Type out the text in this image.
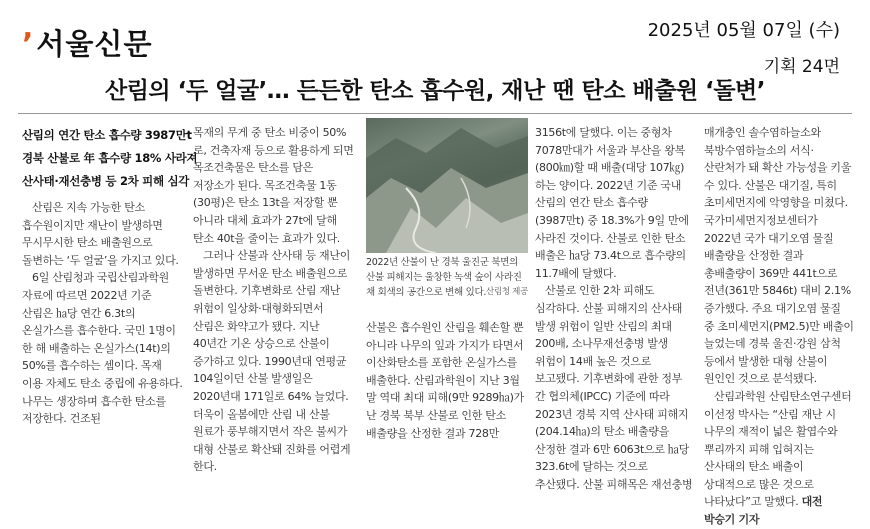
’서울신문	2025년 05월 07일 (수)
기획 24면
산림의 ‘두 얼굴’… 든든한 탄소 흡수원, 재난 땐 탄소 배출원 ‘돌변’
산림의 연간 탄소 흡수량 3987만t
경북 산불로 年 흡수량 18% 사라져
산사태·재선충병 등 2차 피해 심각

산림은 지속 가능한 탄소 흡수원이지만 재난이 발생하면 무시무시한 탄소 배출원으로 돌변하는 ‘두 얼굴’을 가지고 있다.

6일 산림청과 국립산림과학원 자료에 따르면 2022년 기준 산림은 ㏊당 연간 6.3t의 온실가스를 흡수한다. 국민 1명이 한 해 배출하는 온실가스(14t)의 50%를 흡수하는 셈이다. 목재 이용 자체도 탄소 중립에 유용하다. 나무는 생장하며 흡수한 탄소를 저장한다. 건조된

목재의 무게 중 탄소 비중이 50%로, 건축자재 등으로 활용하게 되면 목조건축물은 탄소를 담은 저장소가 된다. 목조건축물 1동(30평)은 탄소 13t을 저장할 뿐 아니라 대체 효과가 27t에 달해 탄소 40t을 줄이는 효과가 있다.

그러나 산불과 산사태 등 재난이 발생하면 무서운 탄소 배출원으로 돌변한다. 기후변화로 산림 재난 위험이 일상화·대형화되면서 산림은 화약고가 됐다. 지난 40년간 기온 상승으로 산불이 증가하고 있다. 1990년대 연평균 104일이던 산불 발생일은 2020년대 171일로 64% 늘었다. 더욱이 올봄에만 산림 내 산불 원료가 풍부해지면서 작은 불씨가 대형 산불로 확산돼 진화를 어렵게 한다.

2022년 산불이 난 경북 울진군 북면의 산불 피해지는 울창한 녹색 숲이 사라진 채 회색의 공간으로 변해 있다. 산림청 제공

산불은 흡수원인 산림을 훼손할 뿐 아니라 나무의 잎과 가지가 타면서 이산화탄소를 포함한 온실가스를 배출한다. 산림과학원이 지난 3월 말 역대 최대 피해(9만 9289㏊)가 난 경북 북부 산불로 인한 탄소 배출량을 산정한 결과 728만

3156t에 달했다. 이는 중형차 7078만대가 서울과 부산을 왕복(800㎞)할 때 배출(대당 107㎏)하는 양이다. 2022년 기준 국내 산림의 연간 탄소 흡수량(3987만t) 중 18.3%가 9일 만에 사라진 것이다. 산불로 인한 탄소 배출은 ㏊당 73.4t으로 흡수량의 11.7배에 달했다.

산불로 인한 2차 피해도 심각하다. 산불 피해지의 산사태 발생 위험이 일반 산림의 최대 200배, 소나무재선충병 발생 위험이 14배 높은 것으로 보고됐다. 기후변화에 관한 정부 간 협의체(IPCC) 기준에 따라 2023년 경북 지역 산사태 피해지(204.14㏊)의 탄소 배출량을 산정한 결과 6만 6063t으로 ㏊당 323.6t에 달하는 것으로 추산됐다. 산불 피해목은 재선충병

매개충인 솔수염하늘소와 북방수염하늘소의 서식·산란처가 돼 확산 가능성을 키울 수 있다. 산불은 대기질, 특히 초미세먼지에 악영향을 미쳤다. 국가미세먼지정보센터가 2022년 국가 대기오염 물질 배출량을 산정한 결과 총배출량이 369만 441t으로 전년(361만 5846t) 대비 2.1% 증가했다. 주요 대기오염 물질 중 초미세먼지(PM2.5)만 배출이 늘었는데 경북 울진·강원 삼척 등에서 발생한 대형 산불이 원인인 것으로 분석됐다.

산림과학원 산림탄소연구센터 이선정 박사는 “산림 재난 시 나무의 재적이 넓은 활엽수와 뿌리까지 피해 입혀지는 산사태의 탄소 배출이 상대적으로 많은 것으로 나타났다”고 말했다. 대전 박승기 기자
